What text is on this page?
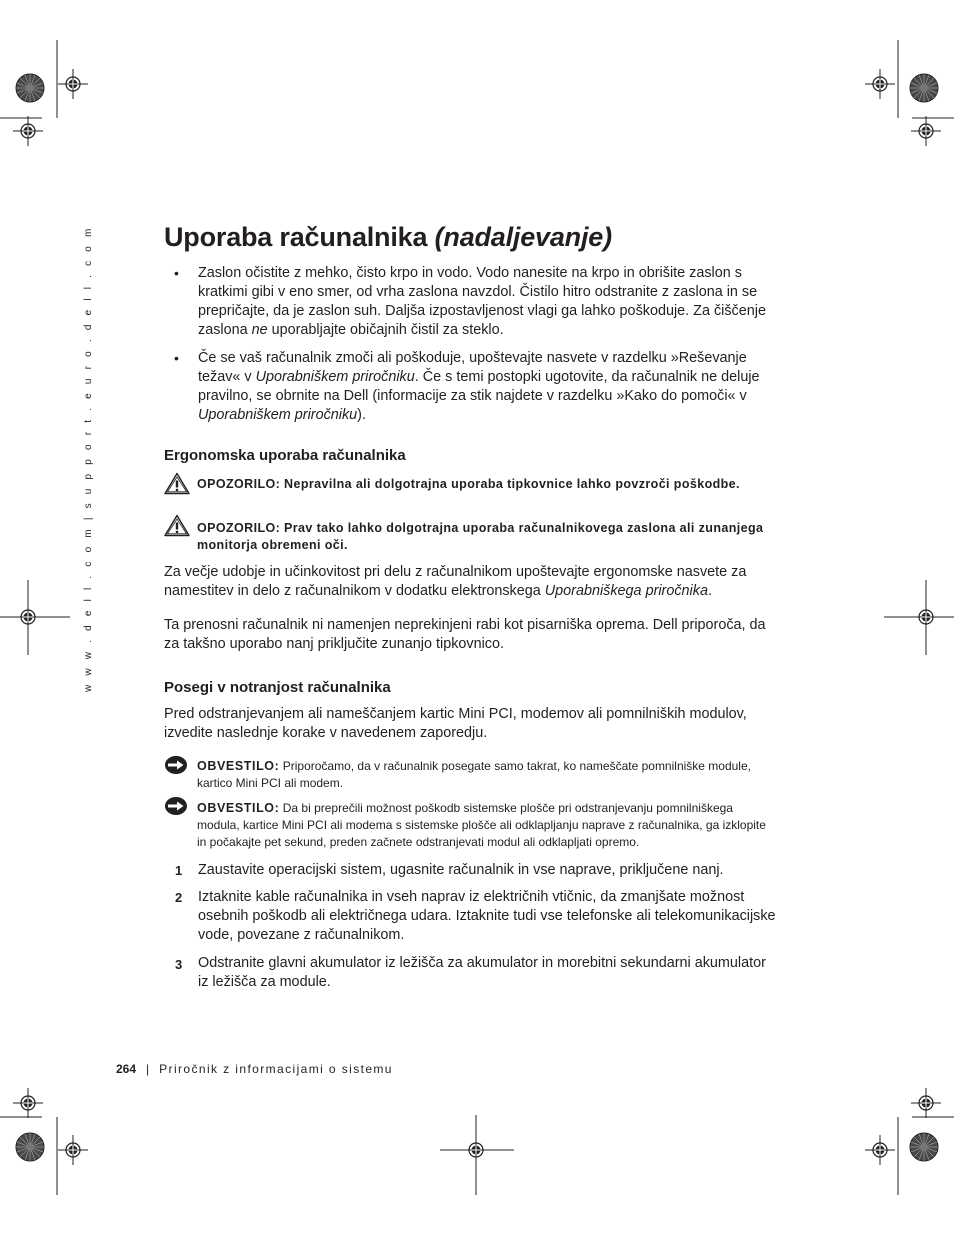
w w w . d e l l . c o m | s u p p o r t . e u r o . d e l l . c o m	Uporaba računalnika (nadaljevanje)
• Zaslon očistite z mehko, čisto krpo in vodo. Vodo nanesite na krpo in obrišite zaslon s kratkimi gibi v eno smer, od vrha zaslona navzdol. Čistilo hitro odstranite z zaslona in se prepričajte, da je zaslon suh. Daljša izpostavljenost vlagi ga lahko poškoduje. Za čiščenje zaslona ne uporabljajte običajnih čistil za steklo.
• Če se vaš računalnik zmoči ali poškoduje, upoštevajte nasvete v razdelku »Reševanje težav« v Uporabniškem priročniku. Če s temi postopki ugotovite, da računalnik ne deluje pravilno, se obrnite na Dell (informacije za stik najdete v razdelku »Kako do pomoči« v Uporabniškem priročniku).
Ergonomska uporaba računalnika
OPOZORILO: Nepravilna ali dolgotrajna uporaba tipkovnice lahko povzroči poškodbe.
OPOZORILO: Prav tako lahko dolgotrajna uporaba računalnikovega zaslona ali zunanjega monitorja obremeni oči.
Za večje udobje in učinkovitost pri delu z računalnikom upoštevajte ergonomske nasvete za namestitev in delo z računalnikom v dodatku elektronskega Uporabniškega priročnika.
Ta prenosni računalnik ni namenjen neprekinjeni rabi kot pisarniška oprema. Dell priporoča, da za takšno uporabo nanj priključite zunanjo tipkovnico.
Posegi v notranjost računalnika
Pred odstranjevanjem ali nameščanjem kartic Mini PCI, modemov ali pomnilniških modulov, izvedite naslednje korake v navedenem zaporedju.
OBVESTILO: Priporočamo, da v računalnik posegate samo takrat, ko nameščate pomnilniške module, kartico Mini PCI ali modem.
OBVESTILO: Da bi preprečili možnost poškodb sistemske plošče pri odstranjevanju pomnilniškega modula, kartice Mini PCI ali modema s sistemske plošče ali odklapljanju naprave z računalnika, ga izklopite in počakajte pet sekund, preden začnete odstranjevati modul ali odklapljati opremo.
1 Zaustavite operacijski sistem, ugasnite računalnik in vse naprave, priključene nanj.
2 Iztaknite kable računalnika in vseh naprav iz električnih vtičnic, da zmanjšate možnost osebnih poškodb ali električnega udara. Iztaknite tudi vse telefonske ali telekomunikacijske vode, povezane z računalnikom.
3 Odstranite glavni akumulator iz ležišča za akumulator in morebitni sekundarni akumulator iz ležišča za module.
264 | Priročnik z informacijami o sistemu
